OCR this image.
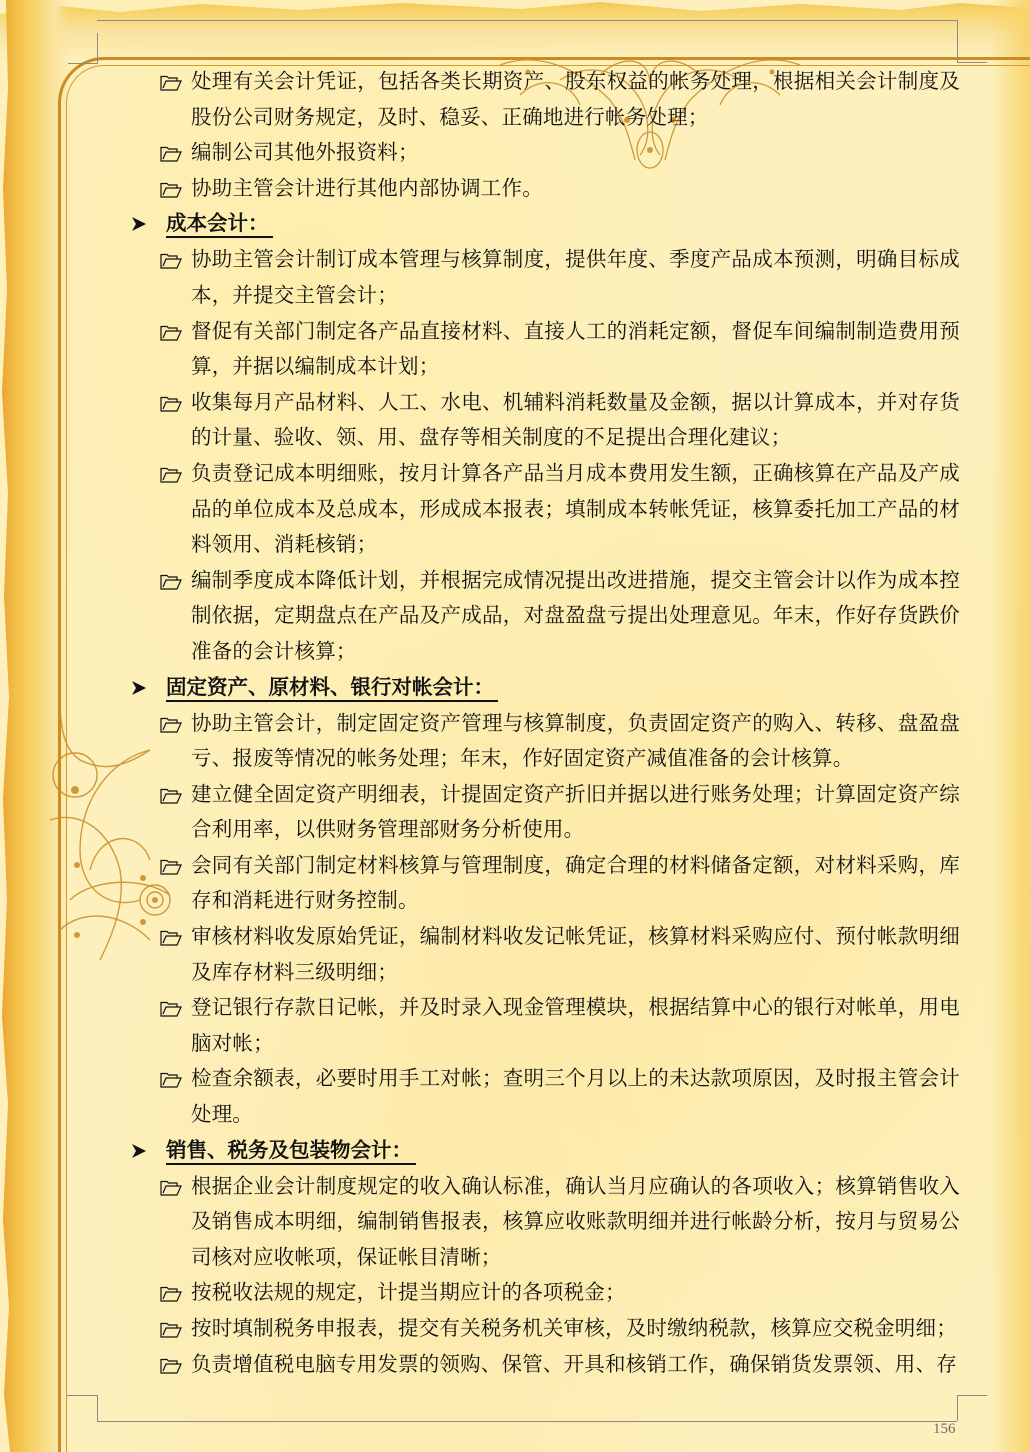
处理有关会计凭证，包括各类长期资产、股东权益的帐务处理，根据相关会计制度及股份公司财务规定，及时、稳妥、正确地进行帐务处理；
编制公司其他外报资料；
协助主管会计进行其他内部协调工作。
成本会计：
协助主管会计制订成本管理与核算制度，提供年度、季度产品成本预测，明确目标成本，并提交主管会计；
督促有关部门制定各产品直接材料、直接人工的消耗定额，督促车间编制制造费用预算，并据以编制成本计划；
收集每月产品材料、人工、水电、机辅料消耗数量及金额，据以计算成本，并对存货的计量、验收、领、用、盘存等相关制度的不足提出合理化建议；
负责登记成本明细账，按月计算各产品当月成本费用发生额，正确核算在产品及产成品的单位成本及总成本，形成成本报表；填制成本转帐凭证，核算委托加工产品的材料领用、消耗核销；
编制季度成本降低计划，并根据完成情况提出改进措施，提交主管会计以作为成本控制依据，定期盘点在产品及产成品，对盘盈盘亏提出处理意见。年末，作好存货跌价准备的会计核算；
固定资产、原材料、银行对帐会计：
协助主管会计，制定固定资产管理与核算制度，负责固定资产的购入、转移、盘盈盘亏、报废等情况的帐务处理；年末，作好固定资产减值准备的会计核算。
建立健全固定资产明细表，计提固定资产折旧并据以进行账务处理；计算固定资产综合利用率，以供财务管理部财务分析使用。
会同有关部门制定材料核算与管理制度，确定合理的材料储备定额，对材料采购，库存和消耗进行财务控制。
审核材料收发原始凭证，编制材料收发记帐凭证，核算材料采购应付、预付帐款明细及库存材料三级明细；
登记银行存款日记帐，并及时录入现金管理模块，根据结算中心的银行对帐单，用电脑对帐；
检查余额表，必要时用手工对帐；查明三个月以上的未达款项原因，及时报主管会计处理。
销售、税务及包装物会计：
根据企业会计制度规定的收入确认标准，确认当月应确认的各项收入；核算销售收入及销售成本明细，编制销售报表，核算应收账款明细并进行帐龄分析，按月与贸易公司核对应收帐项，保证帐目清晰；
按税收法规的规定，计提当期应计的各项税金；
按时填制税务申报表，提交有关税务机关审核，及时缴纳税款，核算应交税金明细；
负责增值税电脑专用发票的领购、保管、开具和核销工作，确保销货发票领、用、存
156
